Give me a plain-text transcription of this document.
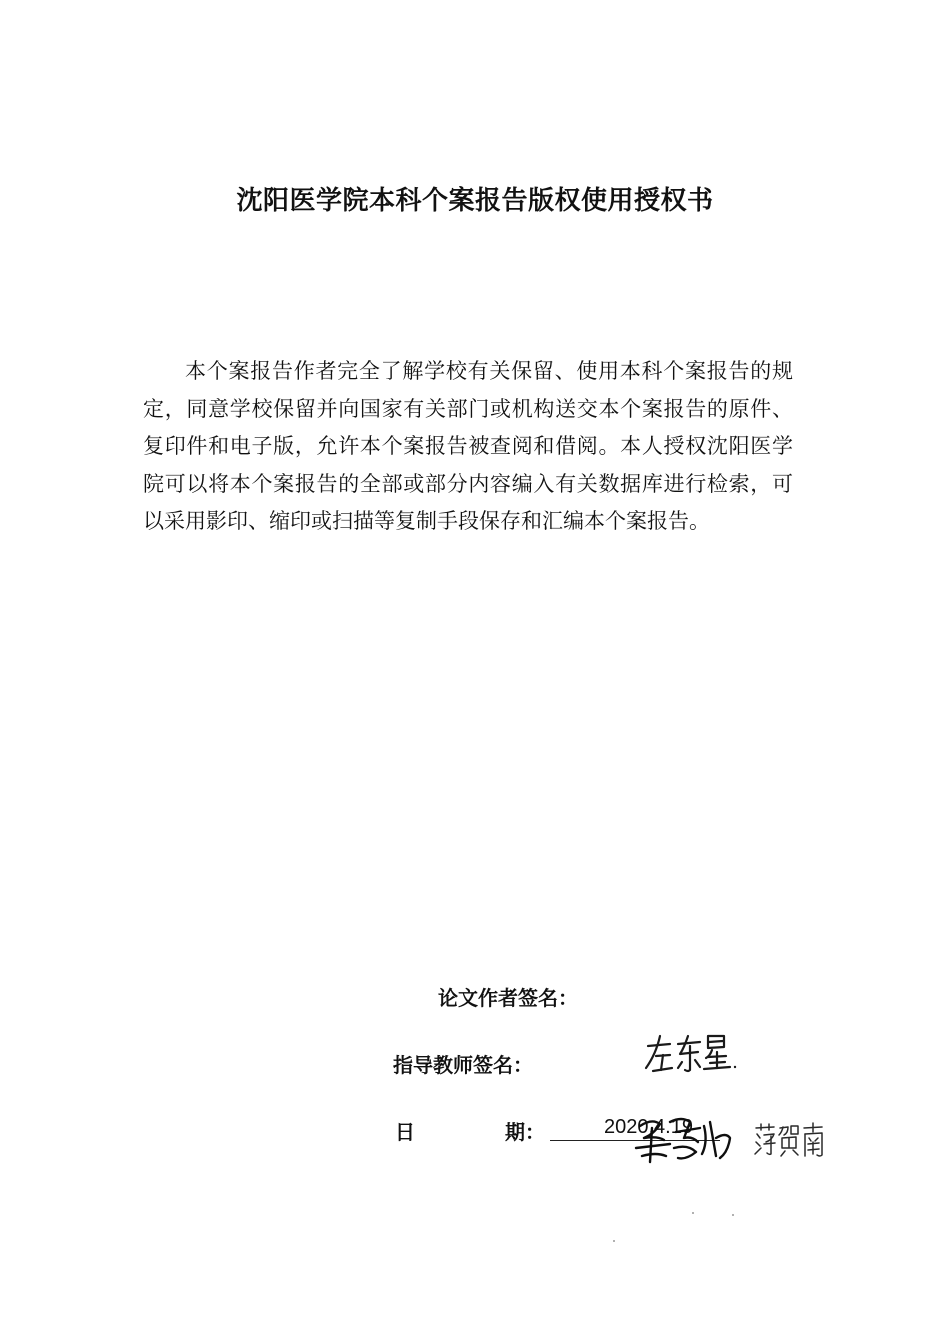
沈阳医学院本科个案报告版权使用授权书

本个案报告作者完全了解学校有关保留、使用本科个案报告的规定，同意学校保留并向国家有关部门或机构送交本个案报告的原件、复印件和电子版，允许本个案报告被查阅和借阅。本人授权沈阳医学院可以将本个案报告的全部或部分内容编入有关数据库进行检索，可以采用影印、缩印或扫描等复制手段保存和汇编本个案报告。

论文作者签名：
指导教师签名：
日	期：	2020.4.19
